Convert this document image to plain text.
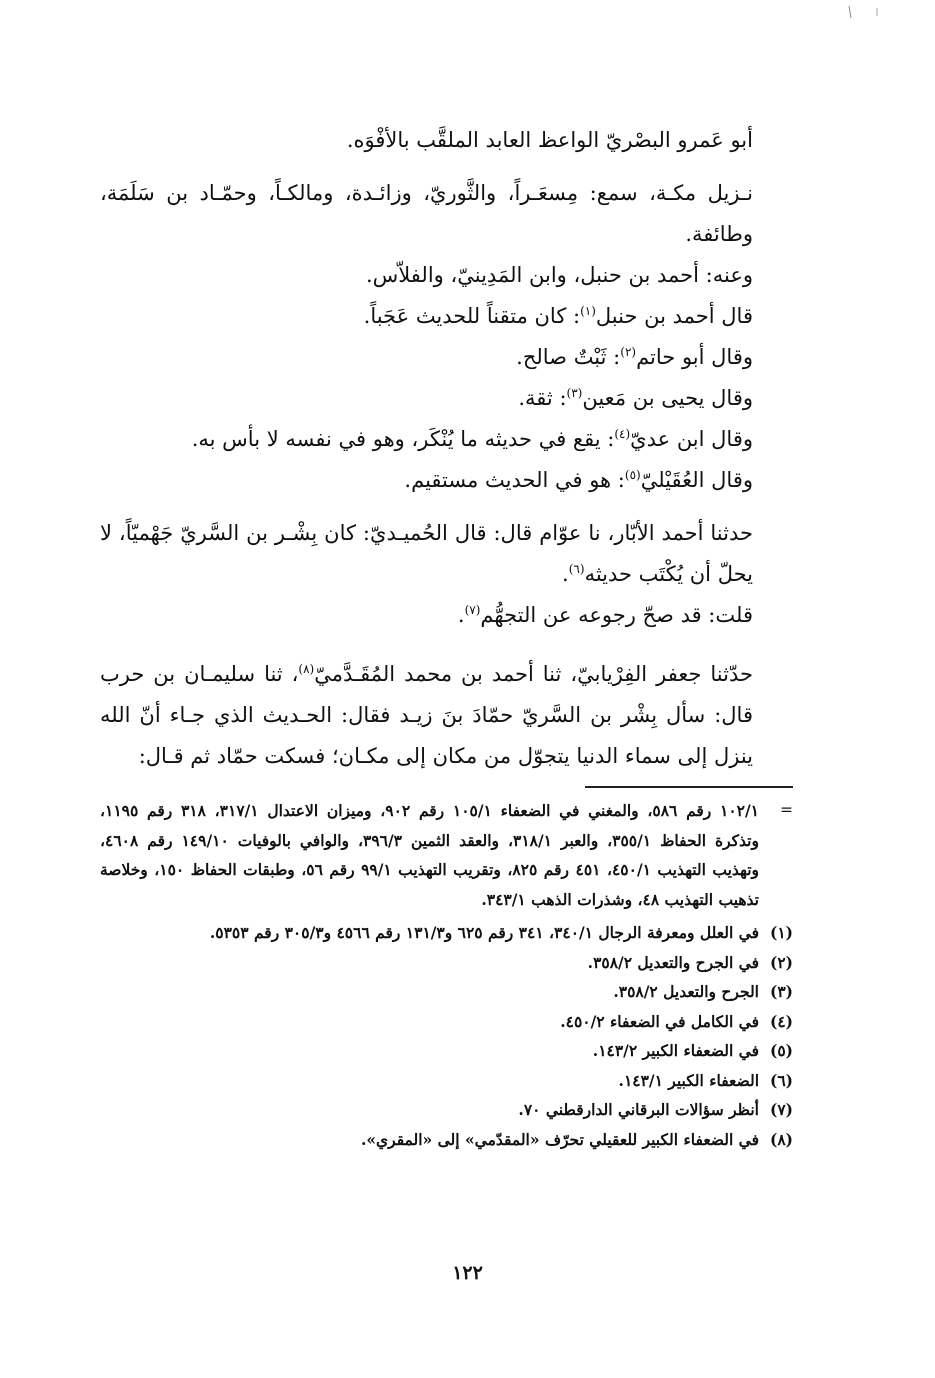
أبو عَمرو البصْريّ الواعظ العابد الملقَّب بالأفْوَه.

نـزيل مكـة، سمع: مِسعَـراً، والثَّوريّ، وزائـدة، ومالكـاً، وحمّـاد بن سَلَمَة، وطائفة.

وعنه: أحمد بن حنبل، وابن المَدِينيّ، والفلاّس.

قال أحمد بن حنبل$^{(١)}$: كان متقناً للحديث عَجَباً.

وقال أبو حاتم$^{(٢)}$: ثَبْتٌ صالح.

وقال يحيى بن مَعين$^{(٣)}$: ثقة.

وقال ابن عديّ$^{(٤)}$: يقع في حديثه ما يُنْكَر، وهو في نفسه لا بأس به.

وقال العُقَيْليّ$^{(٥)}$: هو في الحديث مستقيم.

حدثنا أحمد الأبّار، نا عوّام قال: قال الحُميـديّ: كان بِشْـر بن السَّريّ جَهْميّاً، لا يحلّ أن يُكْتَب حديثه$^{(٦)}$.

قلت: قد صحّ رجوعه عن التجهُّم$^{(٧)}$.

حدّثنا جعفر الفِرْيابيّ، ثنا أحمد بن محمد المُقَـدَّميّ$^{(٨)}$، ثنا سليمـان بن حرب قال: سأل بِشْر بن السَّريّ حمّادَ بنَ زيـد فقال: الحـديث الذي جـاء أنّ الله ينزل إلى سماء الدنيا يتجوّل من مكان إلى مكـان؛ فسكت حمّاد ثم قـال:

=
١٠٢/١ رقم ٥٨٦، والمغني في الضعفاء ١٠٥/١ رقم ٩٠٢، وميزان الاعتدال ٣١٧/١، ٣١٨ رقم ١١٩٥، وتذكرة الحفاظ ٣٥٥/١، والعبر ٣١٨/١، والعقد الثمين ٣٩٦/٣، والوافي بالوفيات ١٤٩/١٠ رقم ٤٦٠٨، وتهذيب التهذيب ٤٥٠/١، ٤٥١ رقم ٨٢٥، وتقريب التهذيب ٩٩/١ رقم ٥٦، وطبقات الحفاظ ١٥٠، وخلاصة تذهيب التهذيب ٤٨، وشذرات الذهب ٣٤٣/١.
(١)
في العلل ومعرفة الرجال ٣٤٠/١، ٣٤١ رقم ٦٢٥ و١٣١/٣ رقم ٤٥٦٦ و٣٠٥/٣ رقم ٥٣٥٣.
(٢)
في الجرح والتعديل ٣٥٨/٢.
(٣)
الجرح والتعديل ٣٥٨/٢.
(٤)
في الكامل في الضعفاء ٤٥٠/٢.
(٥)
في الضعفاء الكبير ١٤٣/٢.
(٦)
الضعفاء الكبير ١٤٣/١.
(٧)
أنظر سؤالات البرقاني الدارقطني ٧٠.
(٨)
في الضعفاء الكبير للعقيلي تحرّف «المقدّمي» إلى «المقري».
١٢٢
